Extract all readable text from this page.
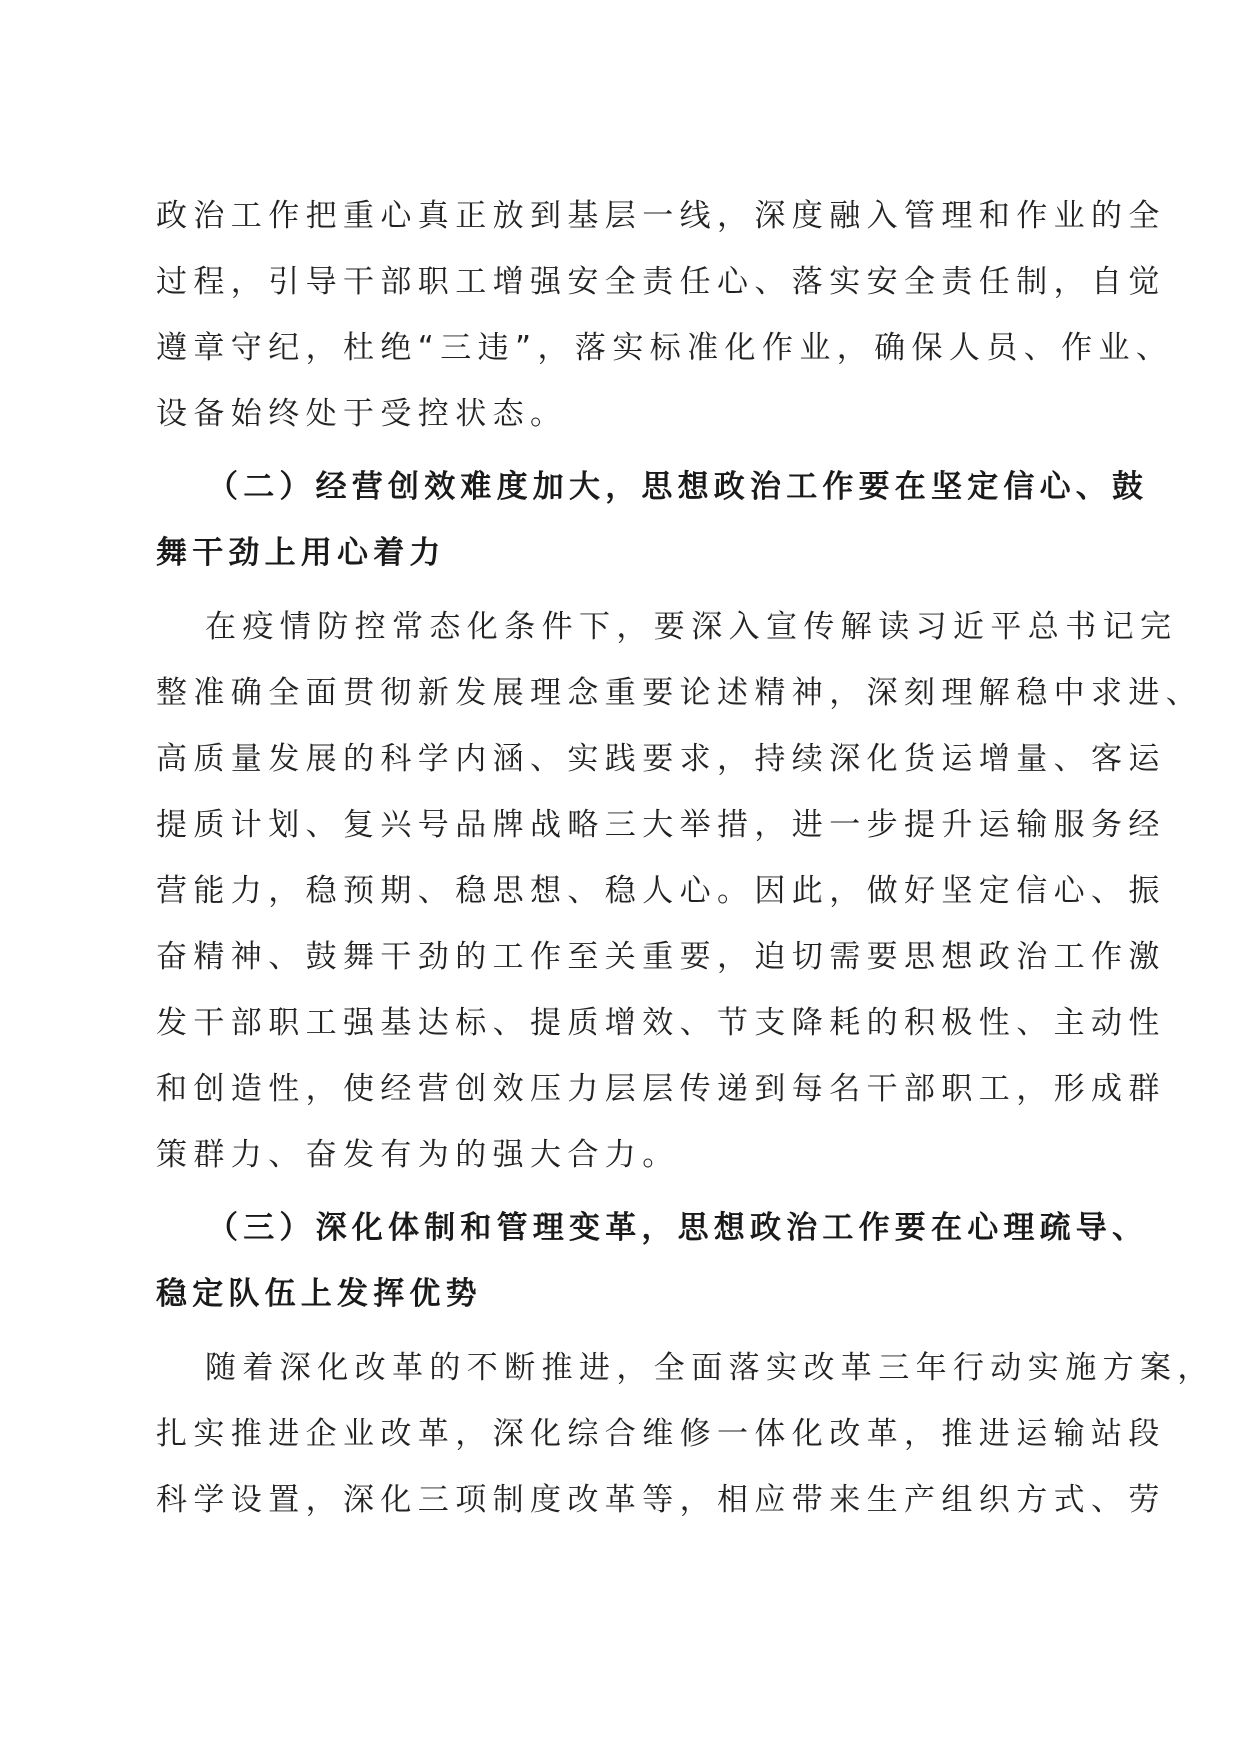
政治工作把重心真正放到基层一线，深度融入管理和作业的全
过程，引导干部职工增强安全责任心、落实安全责任制，自觉
遵章守纪，杜绝“三违”，落实标准化作业，确保人员、作业、
设备始终处于受控状态。
（二）经营创效难度加大，思想政治工作要在坚定信心、鼓
舞干劲上用心着力
在疫情防控常态化条件下，要深入宣传解读习近平总书记完
整准确全面贯彻新发展理念重要论述精神，深刻理解稳中求进、
高质量发展的科学内涵、实践要求，持续深化货运增量、客运
提质计划、复兴号品牌战略三大举措，进一步提升运输服务经
营能力，稳预期、稳思想、稳人心。因此，做好坚定信心、振
奋精神、鼓舞干劲的工作至关重要，迫切需要思想政治工作激
发干部职工强基达标、提质增效、节支降耗的积极性、主动性
和创造性，使经营创效压力层层传递到每名干部职工，形成群
策群力、奋发有为的强大合力。
（三）深化体制和管理变革，思想政治工作要在心理疏导、
稳定队伍上发挥优势
随着深化改革的不断推进，全面落实改革三年行动实施方案，
扎实推进企业改革，深化综合维修一体化改革，推进运输站段
科学设置，深化三项制度改革等，相应带来生产组织方式、劳
